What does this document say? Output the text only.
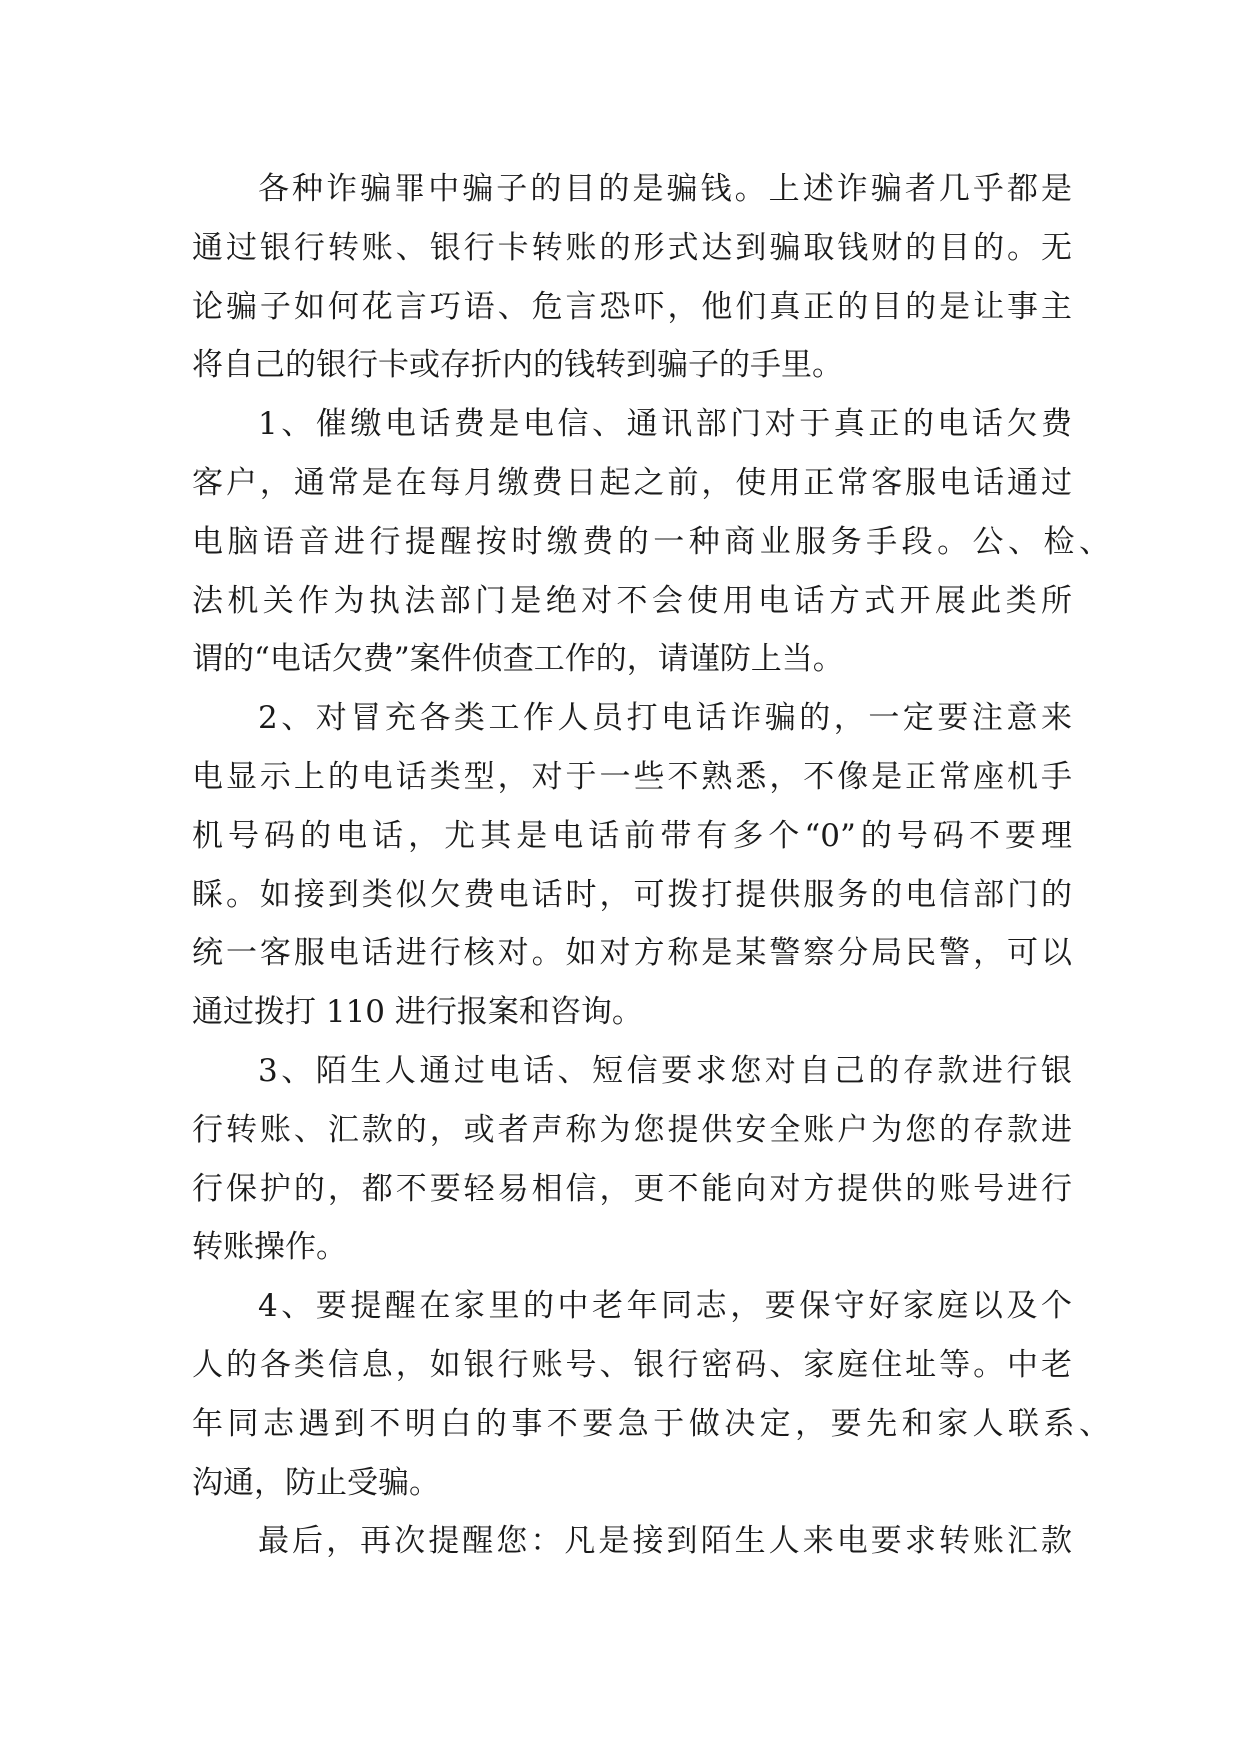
各种诈骗罪中骗子的目的是骗钱。上述诈骗者几乎都是
通过银行转账、银行卡转账的形式达到骗取钱财的目的。无
论骗子如何花言巧语、危言恐吓，他们真正的目的是让事主
将自己的银行卡或存折内的钱转到骗子的手里。
1、催缴电话费是电信、通讯部门对于真正的电话欠费
客户，通常是在每月缴费日起之前，使用正常客服电话通过
电脑语音进行提醒按时缴费的一种商业服务手段。公、检、
法机关作为执法部门是绝对不会使用电话方式开展此类所
谓的“电话欠费”案件侦查工作的，请谨防上当。
2、对冒充各类工作人员打电话诈骗的，一定要注意来
电显示上的电话类型，对于一些不熟悉，不像是正常座机手
机号码的电话，尤其是电话前带有多个“0”的号码不要理
睬。如接到类似欠费电话时，可拨打提供服务的电信部门的
统一客服电话进行核对。如对方称是某警察分局民警，可以
通过拨打 110 进行报案和咨询。
3、陌生人通过电话、短信要求您对自己的存款进行银
行转账、汇款的，或者声称为您提供安全账户为您的存款进
行保护的，都不要轻易相信，更不能向对方提供的账号进行
转账操作。
4、要提醒在家里的中老年同志，要保守好家庭以及个
人的各类信息，如银行账号、银行密码、家庭住址等。中老
年同志遇到不明白的事不要急于做决定，要先和家人联系、
沟通，防止受骗。
最后，再次提醒您：凡是接到陌生人来电要求转账汇款
